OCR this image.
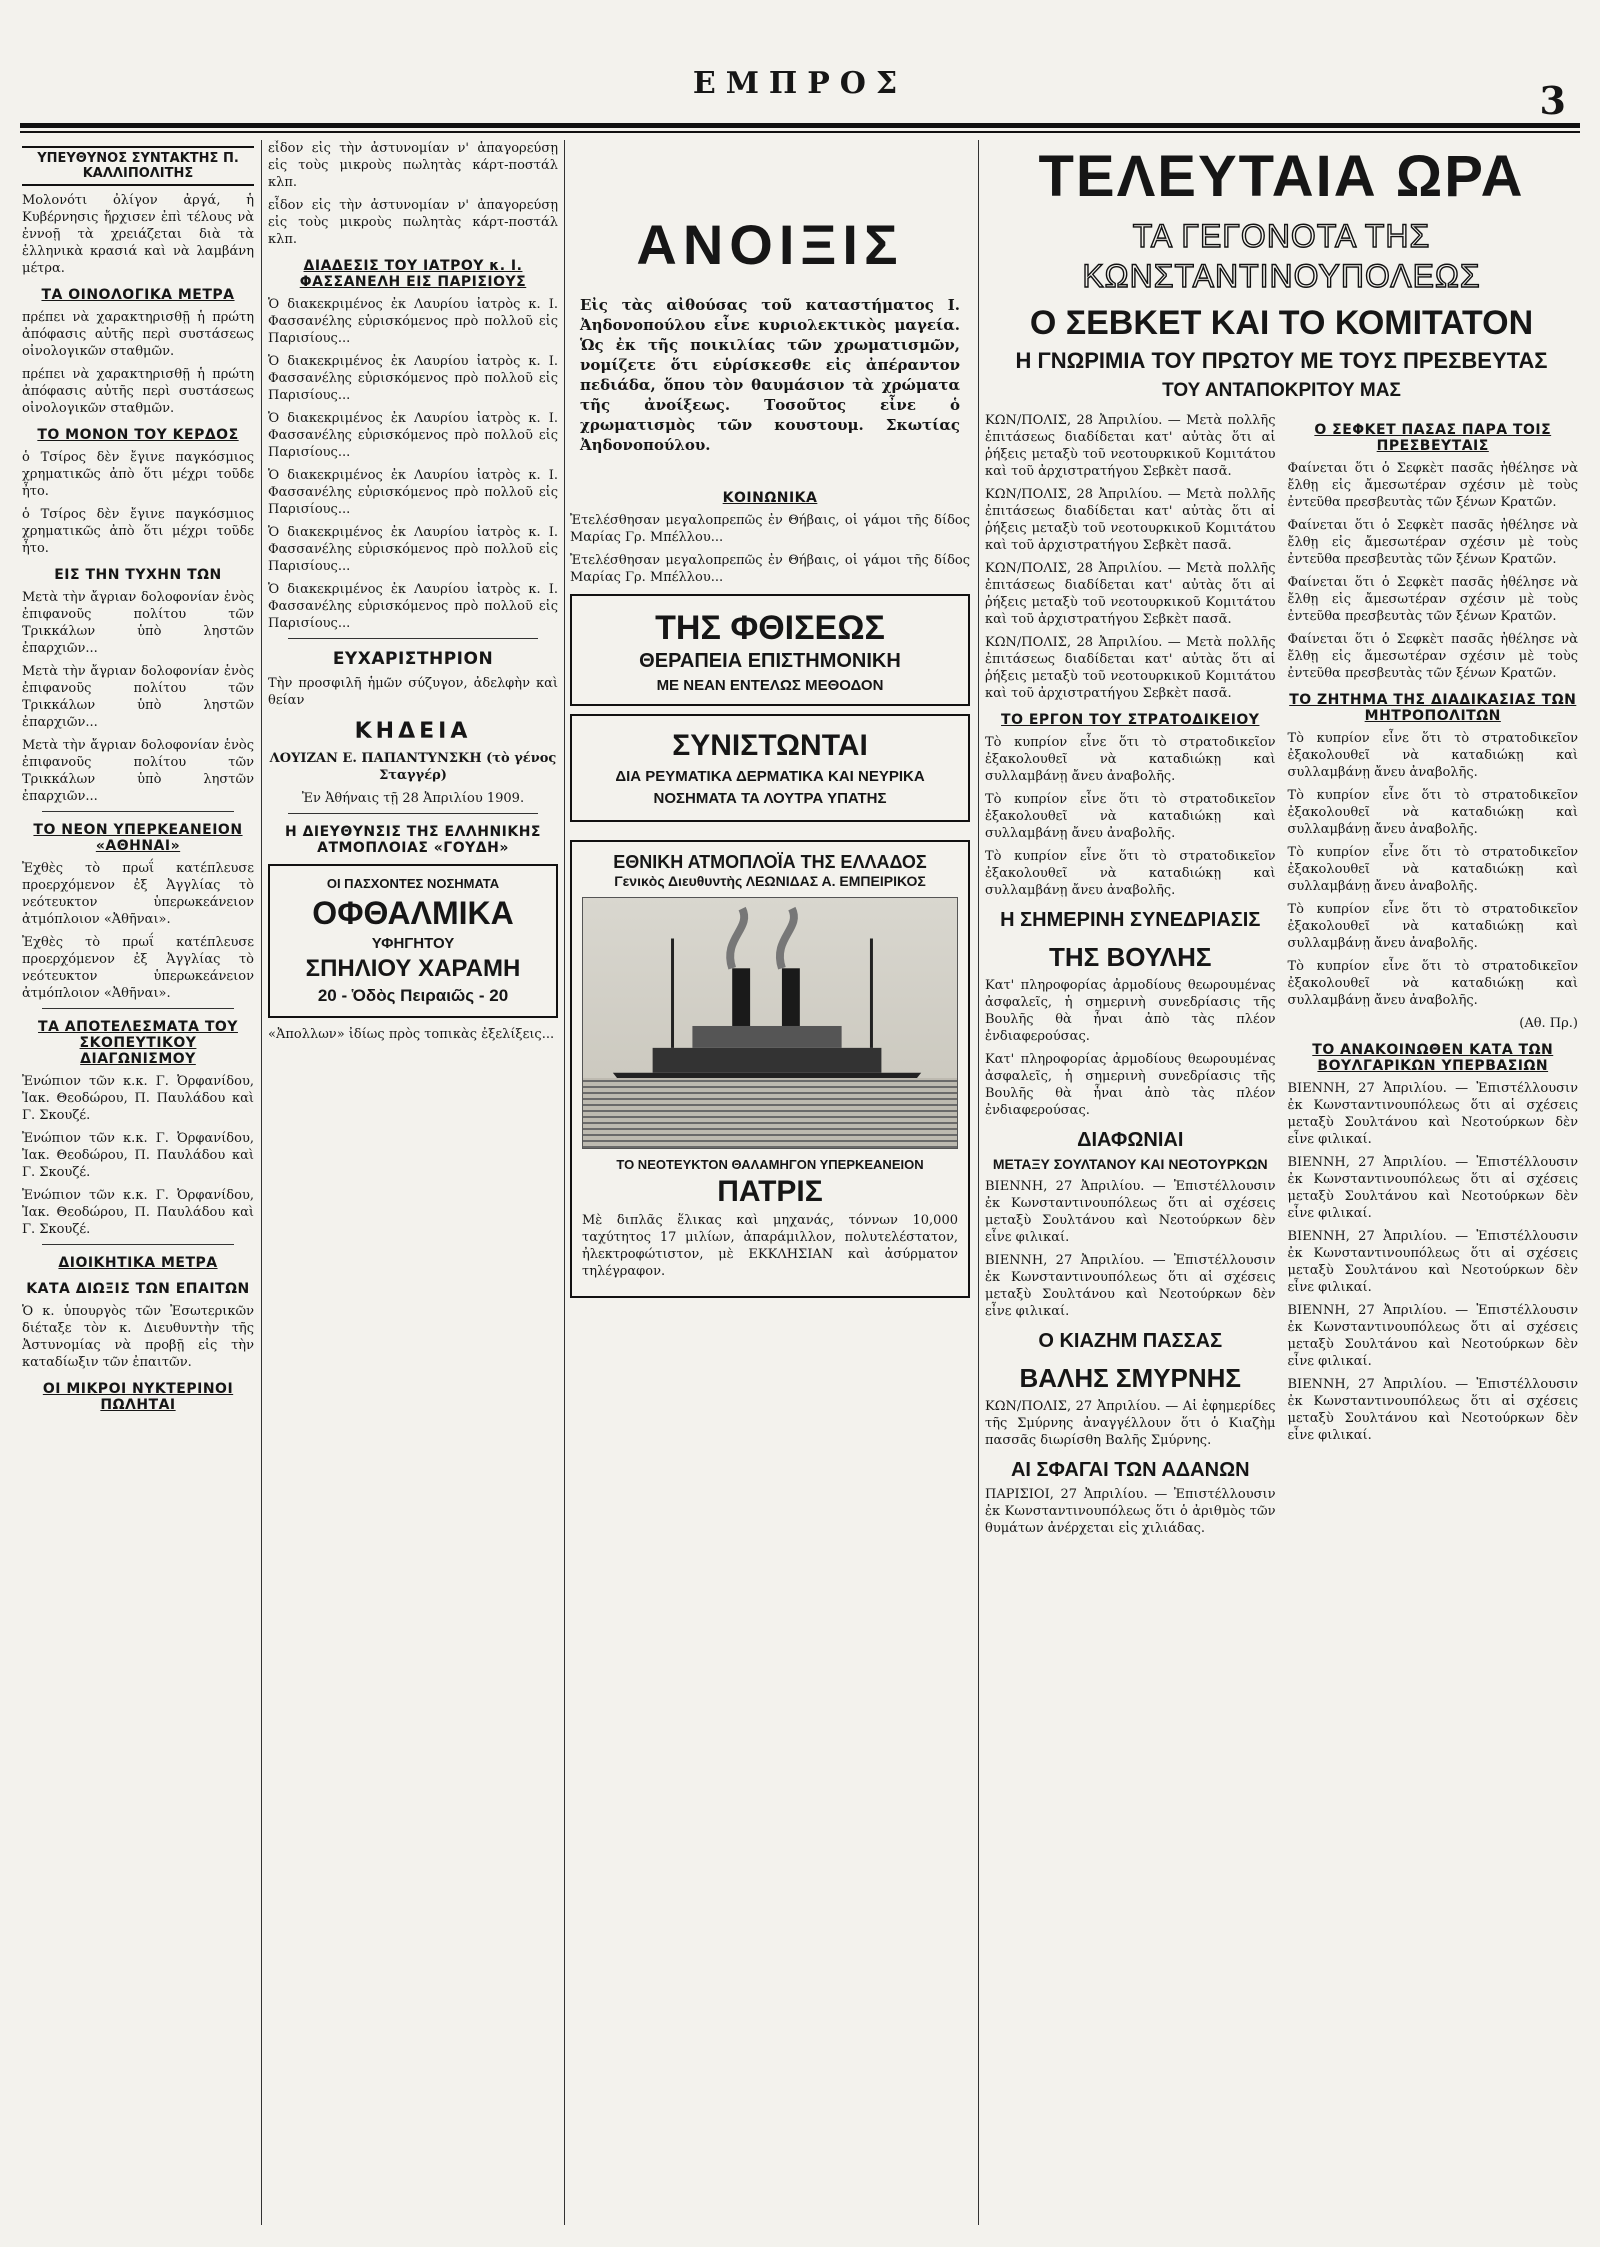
ΕΜΠΡΟΣ	3
ΥΠΕΥΘΥΝΟΣ ΣΥΝΤΑΚΤΗΣ Π. ΚΑΛΛΙΠΟΛΙΤΗΣ

Μολονότι ὀλίγον ἀργά, ἡ Κυβέρνησις ἤρχισεν ἐπὶ τέλους νὰ ἐννοῇ τὰ χρειάζεται διὰ τὰ ἑλληνικὰ κρασιά καὶ νὰ λαμβάνη μέτρα.

ΤΑ ΟΙΝΟΛΟΓΙΚΑ ΜΕΤΡΑ

πρέπει νὰ χαρακτηρισθῇ ἡ πρώτη ἀπόφασις αὐτῆς περὶ συστάσεως οἰνολογικῶν σταθμῶν.

πρέπει νὰ χαρακτηρισθῇ ἡ πρώτη ἀπόφασις αὐτῆς περὶ συστάσεως οἰνολογικῶν σταθμῶν.

ΤΟ ΜΟΝΟΝ ΤΟΥ ΚΕΡΔΟΣ

ὁ Τσίρος δὲν ἔγινε παγκόσμιος χρηματικῶς ἀπὸ ὅτι μέχρι τοῦδε ἦτο.

ὁ Τσίρος δὲν ἔγινε παγκόσμιος χρηματικῶς ἀπὸ ὅτι μέχρι τοῦδε ἦτο.

ΕΙΣ ΤΗΝ ΤΥΧΗΝ ΤΩΝ

Μετὰ τὴν ἄγριαν δολοφονίαν ἑνὸς ἐπιφανοῦς πολίτου τῶν Τρικκάλων ὑπὸ ληστῶν ἐπαρχιῶν...

Μετὰ τὴν ἄγριαν δολοφονίαν ἑνὸς ἐπιφανοῦς πολίτου τῶν Τρικκάλων ὑπὸ ληστῶν ἐπαρχιῶν...

Μετὰ τὴν ἄγριαν δολοφονίαν ἑνὸς ἐπιφανοῦς πολίτου τῶν Τρικκάλων ὑπὸ ληστῶν ἐπαρχιῶν...

ΤΟ ΝΕΟΝ ΥΠΕΡΚΕΑΝΕΙΟΝ «ΑΘΗΝΑΙ»

Ἐχθὲς τὸ πρωΐ κατέπλευσε προερχόμενον ἐξ Ἀγγλίας τὸ νεότευκτον ὑπερωκεάνειον ἀτμόπλοιον «Ἀθῆναι».

Ἐχθὲς τὸ πρωΐ κατέπλευσε προερχόμενον ἐξ Ἀγγλίας τὸ νεότευκτον ὑπερωκεάνειον ἀτμόπλοιον «Ἀθῆναι».

ΤΑ ΑΠΟΤΕΛΕΣΜΑΤΑ ΤΟΥ ΣΚΟΠΕΥΤΙΚΟΥ ΔΙΑΓΩΝΙΣΜΟΥ

Ἐνώπιον τῶν κ.κ. Γ. Ὀρφανίδου, Ἰακ. Θεοδώρου, Π. Παυλάδου καὶ Γ. Σκουζέ.

Ἐνώπιον τῶν κ.κ. Γ. Ὀρφανίδου, Ἰακ. Θεοδώρου, Π. Παυλάδου καὶ Γ. Σκουζέ.

Ἐνώπιον τῶν κ.κ. Γ. Ὀρφανίδου, Ἰακ. Θεοδώρου, Π. Παυλάδου καὶ Γ. Σκουζέ.

ΔΙΟΙΚΗΤΙΚΑ ΜΕΤΡΑ
ΚΑΤΑ ΔΙΩΞΙΣ ΤΩΝ ΕΠΑΙΤΩΝ

Ὁ κ. ὑπουργὸς τῶν Ἐσωτερικῶν διέταξε τὸν κ. Διευθυντὴν τῆς Ἀστυνομίας νὰ προβῇ εἰς τὴν καταδίωξιν τῶν ἐπαιτῶν.

ΟΙ ΜΙΚΡΟΙ ΝΥΚΤΕΡΙΝΟΙ ΠΩΛΗΤΑΙ

εἶδον εἰς τὴν ἀστυνομίαν ν' ἀπαγορεύσῃ εἰς τοὺς μικροὺς πωλητὰς κάρτ-ποστάλ κλπ.

εἶδον εἰς τὴν ἀστυνομίαν ν' ἀπαγορεύσῃ εἰς τοὺς μικροὺς πωλητὰς κάρτ-ποστάλ κλπ.

ΔΙΑΔΕΣΙΣ ΤΟΥ ΙΑΤΡΟΥ κ. Ι. ΦΑΣΣΑΝΕΛΗ ΕΙΣ ΠΑΡΙΣΙΟΥΣ

Ὁ διακεκριμένος ἐκ Λαυρίου ἰατρὸς κ. Ι. Φασσανέλης εὑρισκόμενος πρὸ πολλοῦ εἰς Παρισίους...

Ὁ διακεκριμένος ἐκ Λαυρίου ἰατρὸς κ. Ι. Φασσανέλης εὑρισκόμενος πρὸ πολλοῦ εἰς Παρισίους...

Ὁ διακεκριμένος ἐκ Λαυρίου ἰατρὸς κ. Ι. Φασσανέλης εὑρισκόμενος πρὸ πολλοῦ εἰς Παρισίους...

Ὁ διακεκριμένος ἐκ Λαυρίου ἰατρὸς κ. Ι. Φασσανέλης εὑρισκόμενος πρὸ πολλοῦ εἰς Παρισίους...

Ὁ διακεκριμένος ἐκ Λαυρίου ἰατρὸς κ. Ι. Φασσανέλης εὑρισκόμενος πρὸ πολλοῦ εἰς Παρισίους...

Ὁ διακεκριμένος ἐκ Λαυρίου ἰατρὸς κ. Ι. Φασσανέλης εὑρισκόμενος πρὸ πολλοῦ εἰς Παρισίους...

ΕΥΧΑΡΙΣΤΗΡΙΟΝ

Τὴν προσφιλῆ ἡμῶν σύζυγον, ἀδελφὴν καὶ θείαν

ΚΗΔΕΙΑ

ΛΟΥΙΖΑΝ Ε. ΠΑΠΑΝΤΥΝΣΚΗ (τὸ γένος Σταγγέρ)

Ἐν Ἀθήναις τῇ 28 Ἀπριλίου 1909.

Η ΔΙΕΥΘΥΝΣΙΣ ΤΗΣ ΕΛΛΗΝΙΚΗΣ ΑΤΜΟΠΛΟΙΑΣ «ΓΟΥΔΗ»
ΟΙ ΠΑΣΧΟΝΤΕΣ ΝΟΣΗΜΑΤΑ
ΟΦΘΑΛΜΙΚΑ
ΥΦΗΓΗΤΟΥ
ΣΠΗΛΙΟΥ ΧΑΡΑΜΗ
20 - Ὁδὸς Πειραιῶς - 20

«Ἀπολλων» ἰδίως πρὸς τοπικὰς ἐξελίξεις...

ΑΝΟΙΞΙΣ

Εἰς τὰς αἰθούσας τοῦ καταστήματος Ι. Ἀηδονοπούλου εἶνε κυριολεκτικὸς μαγεία. Ὡς ἐκ τῆς ποικιλίας τῶν χρωματισμῶν, νομίζετε ὅτι εὑρίσκεσθε εἰς ἀπέραντον πεδιάδα, ὅπου τὸν θαυμάσιον τὰ χρώματα τῆς ἀνοίξεως. Τοσοῦτος εἶνε ὁ χρωματισμὸς τῶν κουστουμ. Σκωτίας Ἀηδονοπούλου.

ΚΟΙΝΩΝΙΚΑ

Ἐτελέσθησαν μεγαλοπρεπῶς ἐν Θήβαις, οἱ γάμοι τῆς δίδος Μαρίας Γρ. Μπέλλου...

Ἐτελέσθησαν μεγαλοπρεπῶς ἐν Θήβαις, οἱ γάμοι τῆς δίδος Μαρίας Γρ. Μπέλλου...

ΤΗΣ ΦΘΙΣΕΩΣ
ΘΕΡΑΠΕΙΑ ΕΠΙΣΤΗΜΟΝΙΚΗ
ΜΕ ΝΕΑΝ ΕΝΤΕΛΩΣ ΜΕΘΟΔΟΝ
ΣΥΝΙΣΤΩΝΤΑΙ
ΔΙΑ ΡΕΥΜΑΤΙΚΑ ΔΕΡΜΑΤΙΚΑ ΚΑΙ ΝΕΥΡΙΚΑ ΝΟΣΗΜΑΤΑ ΤΑ ΛΟΥΤΡΑ ΥΠΑΤΗΣ
ΕΘΝΙΚΗ ΑΤΜΟΠΛΟΪΑ ΤΗΣ ΕΛΛΑΔΟΣ
Γενικὸς Διευθυντὴς ΛΕΩΝΙΔΑΣ Α. ΕΜΠΕΙΡΙΚΟΣ
ΤΟ ΝΕΟΤΕΥΚΤΟΝ ΘΑΛΑΜΗΓΟΝ ΥΠΕΡΚΕΑΝΕΙΟΝ
ΠΑΤΡΙΣ

Μὲ διπλᾶς ἕλικας καὶ μηχανάς, τόννων 10,000 ταχύτητος 17 μιλίων, ἀπαράμιλλον, πολυτελέστατον, ἠλεκτροφώτιστον, μὲ ΕΚΚΛΗΣΙΑΝ καὶ ἀσύρματον τηλέγραφον.

ΤΕΛΕΥΤΑΙΑ ΩΡΑ
ΤΑ ΓΕΓΟΝΟΤΑ ΤΗΣ ΚΩΝΣΤΑΝΤΙΝΟΥΠΟΛΕΩΣ
Ο ΣΕΒΚΕΤ ΚΑΙ ΤΟ ΚΟΜΙΤΑΤΟΝ
Η ΓΝΩΡΙΜΙΑ ΤΟΥ ΠΡΩΤΟΥ ΜΕ ΤΟΥΣ ΠΡΕΣΒΕΥΤΑΣ
ΤΟΥ ΑΝΤΑΠΟΚΡΙΤΟΥ ΜΑΣ

ΚΩΝ/ΠΟΛΙΣ, 28 Ἀπριλίου. — Μετὰ πολλῆς ἐπιτάσεως διαδίδεται κατ' αὐτὰς ὅτι αἱ ῥήξεις μεταξὺ τοῦ νεοτουρκικοῦ Κομιτάτου καὶ τοῦ ἀρχιστρατήγου Σεβκὲτ πασᾶ.

ΚΩΝ/ΠΟΛΙΣ, 28 Ἀπριλίου. — Μετὰ πολλῆς ἐπιτάσεως διαδίδεται κατ' αὐτὰς ὅτι αἱ ῥήξεις μεταξὺ τοῦ νεοτουρκικοῦ Κομιτάτου καὶ τοῦ ἀρχιστρατήγου Σεβκὲτ πασᾶ.

ΚΩΝ/ΠΟΛΙΣ, 28 Ἀπριλίου. — Μετὰ πολλῆς ἐπιτάσεως διαδίδεται κατ' αὐτὰς ὅτι αἱ ῥήξεις μεταξὺ τοῦ νεοτουρκικοῦ Κομιτάτου καὶ τοῦ ἀρχιστρατήγου Σεβκὲτ πασᾶ.

ΚΩΝ/ΠΟΛΙΣ, 28 Ἀπριλίου. — Μετὰ πολλῆς ἐπιτάσεως διαδίδεται κατ' αὐτὰς ὅτι αἱ ῥήξεις μεταξὺ τοῦ νεοτουρκικοῦ Κομιτάτου καὶ τοῦ ἀρχιστρατήγου Σεβκὲτ πασᾶ.

ΤΟ ΕΡΓΟΝ ΤΟΥ ΣΤΡΑΤΟΔΙΚΕΙΟΥ

Τὸ κυπρίον εἶνε ὅτι τὸ στρατοδικεῖον ἐξακολουθεῖ νὰ καταδιώκῃ καὶ συλλαμβάνῃ ἄνευ ἀναβολῆς.

Τὸ κυπρίον εἶνε ὅτι τὸ στρατοδικεῖον ἐξακολουθεῖ νὰ καταδιώκῃ καὶ συλλαμβάνῃ ἄνευ ἀναβολῆς.

Τὸ κυπρίον εἶνε ὅτι τὸ στρατοδικεῖον ἐξακολουθεῖ νὰ καταδιώκῃ καὶ συλλαμβάνῃ ἄνευ ἀναβολῆς.

Η ΣΗΜΕΡΙΝΗ ΣΥΝΕΔΡΙΑΣΙΣ
ΤΗΣ ΒΟΥΛΗΣ

Κατ' πληροφορίας ἀρμοδίους θεωρουμένας ἀσφαλεῖς, ἡ σημερινὴ συνεδρίασις τῆς Βουλῆς θὰ ἦναι ἀπὸ τὰς πλέον ἐνδιαφερούσας.

Κατ' πληροφορίας ἀρμοδίους θεωρουμένας ἀσφαλεῖς, ἡ σημερινὴ συνεδρίασις τῆς Βουλῆς θὰ ἦναι ἀπὸ τὰς πλέον ἐνδιαφερούσας.

ΔΙΑΦΩΝΙΑΙ
ΜΕΤΑΞΥ ΣΟΥΛΤΑΝΟΥ ΚΑΙ ΝΕΟΤΟΥΡΚΩΝ

ΒΙΕΝΝΗ, 27 Ἀπριλίου. — Ἐπιστέλλουσιν ἐκ Κωνσταντινουπόλεως ὅτι αἱ σχέσεις μεταξὺ Σουλτάνου καὶ Νεοτούρκων δὲν εἶνε φιλικαί.

ΒΙΕΝΝΗ, 27 Ἀπριλίου. — Ἐπιστέλλουσιν ἐκ Κωνσταντινουπόλεως ὅτι αἱ σχέσεις μεταξὺ Σουλτάνου καὶ Νεοτούρκων δὲν εἶνε φιλικαί.

Ο ΚΙΑΖΗΜ ΠΑΣΣΑΣ
ΒΑΛΗΣ ΣΜΥΡΝΗΣ

ΚΩΝ/ΠΟΛΙΣ, 27 Ἀπριλίου. — Αἱ ἐφημερίδες τῆς Σμύρνης ἀναγγέλλουν ὅτι ὁ Κιαζὴμ πασσᾶς διωρίσθη Βαλῆς Σμύρνης.

ΑΙ ΣΦΑΓΑΙ ΤΩΝ ΑΔΑΝΩΝ

ΠΑΡΙΣΙΟΙ, 27 Ἀπριλίου. — Ἐπιστέλλουσιν ἐκ Κωνσταντινουπόλεως ὅτι ὁ ἀριθμὸς τῶν θυμάτων ἀνέρχεται εἰς χιλιάδας.

Ο ΣΕΦΚΕΤ ΠΑΣΑΣ ΠΑΡΑ ΤΟΙΣ ΠΡΕΣΒΕΥΤΑΙΣ

Φαίνεται ὅτι ὁ Σεφκὲτ πασᾶς ἠθέλησε νὰ ἔλθῃ εἰς ἄμεσωτέραν σχέσιν μὲ τοὺς ἐντεῦθα πρεσβευτὰς τῶν ξένων Κρατῶν.

Φαίνεται ὅτι ὁ Σεφκὲτ πασᾶς ἠθέλησε νὰ ἔλθῃ εἰς ἄμεσωτέραν σχέσιν μὲ τοὺς ἐντεῦθα πρεσβευτὰς τῶν ξένων Κρατῶν.

Φαίνεται ὅτι ὁ Σεφκὲτ πασᾶς ἠθέλησε νὰ ἔλθῃ εἰς ἄμεσωτέραν σχέσιν μὲ τοὺς ἐντεῦθα πρεσβευτὰς τῶν ξένων Κρατῶν.

Φαίνεται ὅτι ὁ Σεφκὲτ πασᾶς ἠθέλησε νὰ ἔλθῃ εἰς ἄμεσωτέραν σχέσιν μὲ τοὺς ἐντεῦθα πρεσβευτὰς τῶν ξένων Κρατῶν.

ΤΟ ΖΗΤΗΜΑ ΤΗΣ ΔΙΑΔΙΚΑΣΙΑΣ ΤΩΝ ΜΗΤΡΟΠΟΛΙΤΩΝ

Τὸ κυπρίον εἶνε ὅτι τὸ στρατοδικεῖον ἐξακολουθεῖ νὰ καταδιώκῃ καὶ συλλαμβάνῃ ἄνευ ἀναβολῆς.

Τὸ κυπρίον εἶνε ὅτι τὸ στρατοδικεῖον ἐξακολουθεῖ νὰ καταδιώκῃ καὶ συλλαμβάνῃ ἄνευ ἀναβολῆς.

Τὸ κυπρίον εἶνε ὅτι τὸ στρατοδικεῖον ἐξακολουθεῖ νὰ καταδιώκῃ καὶ συλλαμβάνῃ ἄνευ ἀναβολῆς.

Τὸ κυπρίον εἶνε ὅτι τὸ στρατοδικεῖον ἐξακολουθεῖ νὰ καταδιώκῃ καὶ συλλαμβάνῃ ἄνευ ἀναβολῆς.

Τὸ κυπρίον εἶνε ὅτι τὸ στρατοδικεῖον ἐξακολουθεῖ νὰ καταδιώκῃ καὶ συλλαμβάνῃ ἄνευ ἀναβολῆς.

(Αθ. Πρ.)

ΤΟ ΑΝΑΚΟΙΝΩΘΕΝ ΚΑΤΑ ΤΩΝ ΒΟΥΛΓΑΡΙΚΩΝ ΥΠΕΡΒΑΣΙΩΝ

ΒΙΕΝΝΗ, 27 Ἀπριλίου. — Ἐπιστέλλουσιν ἐκ Κωνσταντινουπόλεως ὅτι αἱ σχέσεις μεταξὺ Σουλτάνου καὶ Νεοτούρκων δὲν εἶνε φιλικαί.

ΒΙΕΝΝΗ, 27 Ἀπριλίου. — Ἐπιστέλλουσιν ἐκ Κωνσταντινουπόλεως ὅτι αἱ σχέσεις μεταξὺ Σουλτάνου καὶ Νεοτούρκων δὲν εἶνε φιλικαί.

ΒΙΕΝΝΗ, 27 Ἀπριλίου. — Ἐπιστέλλουσιν ἐκ Κωνσταντινουπόλεως ὅτι αἱ σχέσεις μεταξὺ Σουλτάνου καὶ Νεοτούρκων δὲν εἶνε φιλικαί.

ΒΙΕΝΝΗ, 27 Ἀπριλίου. — Ἐπιστέλλουσιν ἐκ Κωνσταντινουπόλεως ὅτι αἱ σχέσεις μεταξὺ Σουλτάνου καὶ Νεοτούρκων δὲν εἶνε φιλικαί.

ΒΙΕΝΝΗ, 27 Ἀπριλίου. — Ἐπιστέλλουσιν ἐκ Κωνσταντινουπόλεως ὅτι αἱ σχέσεις μεταξὺ Σουλτάνου καὶ Νεοτούρκων δὲν εἶνε φιλικαί.
